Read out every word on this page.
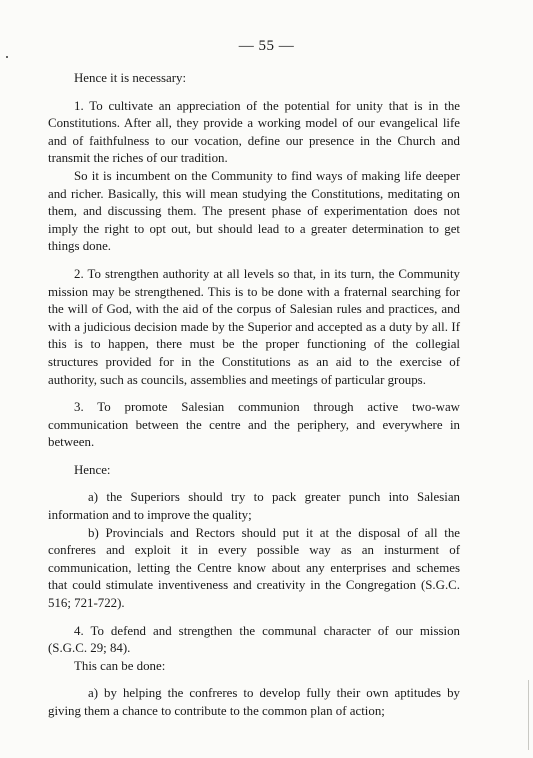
— 55 —

Hence it is necessary:

1. To cultivate an appreciation of the potential for unity that is in the Constitutions. After all, they provide a working model of our evangelical life and of faithfulness to our vocation, define our presence in the Church and transmit the riches of our tradition.

So it is incumbent on the Community to find ways of making life deeper and richer. Basically, this will mean studying the Constitutions, meditating on them, and discussing them. The present phase of experimentation does not imply the right to opt out, but should lead to a greater determination to get things done.

2. To strengthen authority at all levels so that, in its turn, the Community mission may be strengthened. This is to be done with a fraternal searching for the will of God, with the aid of the corpus of Salesian rules and practices, and with a judicious decision made by the Superior and accepted as a duty by all. If this is to happen, there must be the proper functioning of the collegial structures provided for in the Constitutions as an aid to the exercise of authority, such as councils, assemblies and meetings of particular groups.

3. To promote Salesian communion through active two-waw communication between the centre and the periphery, and everywhere in between.

Hence:

a) the Superiors should try to pack greater punch into Salesian information and to improve the quality;

b) Provincials and Rectors should put it at the disposal of all the confreres and exploit it in every possible way as an insturment of communication, letting the Centre know about any enterprises and schemes that could stimulate inventiveness and creativity in the Congregation (S.G.C. 516; 721-722).

4. To defend and strengthen the communal character of our mission (S.G.C. 29; 84).

This can be done:

a) by helping the confreres to develop fully their own aptitudes by giving them a chance to contribute to the common plan of action;
